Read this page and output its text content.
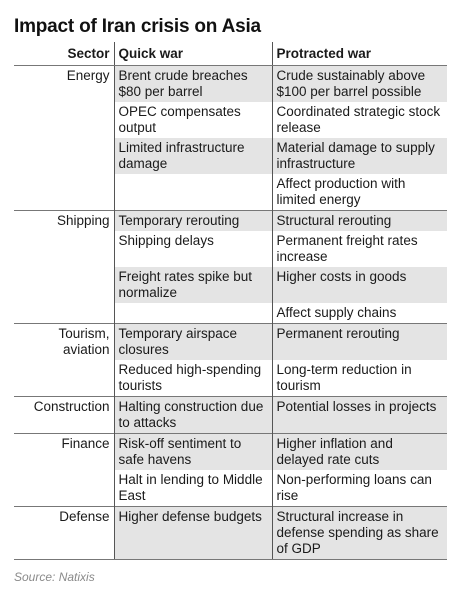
Impact of Iran crisis on Asia
Sector	Quick war	Protracted war
Energy	Brent crude breaches $80 per barrel	Crude sustainably above $100 per barrel possible
	OPEC compensates output	Coordinated strategic stock release
	Limited infrastructure damage	Material damage to supply infrastructure
		Affect production with limited energy
Shipping	Temporary rerouting	Structural rerouting
	Shipping delays	Permanent freight rates increase
	Freight rates spike but normalize	Higher costs in goods
		Affect supply chains
Tourism, aviation	Temporary airspace closures	Permanent rerouting
	Reduced high-spending tourists	Long-term reduction in tourism
Construction	Halting construction due to attacks	Potential losses in projects
Finance	Risk-off sentiment to safe havens	Higher inflation and delayed rate cuts
	Halt in lending to Middle East	Non-performing loans can rise
Defense	Higher defense budgets	Structural increase in defense spending as share of GDP
Source: Natixis
